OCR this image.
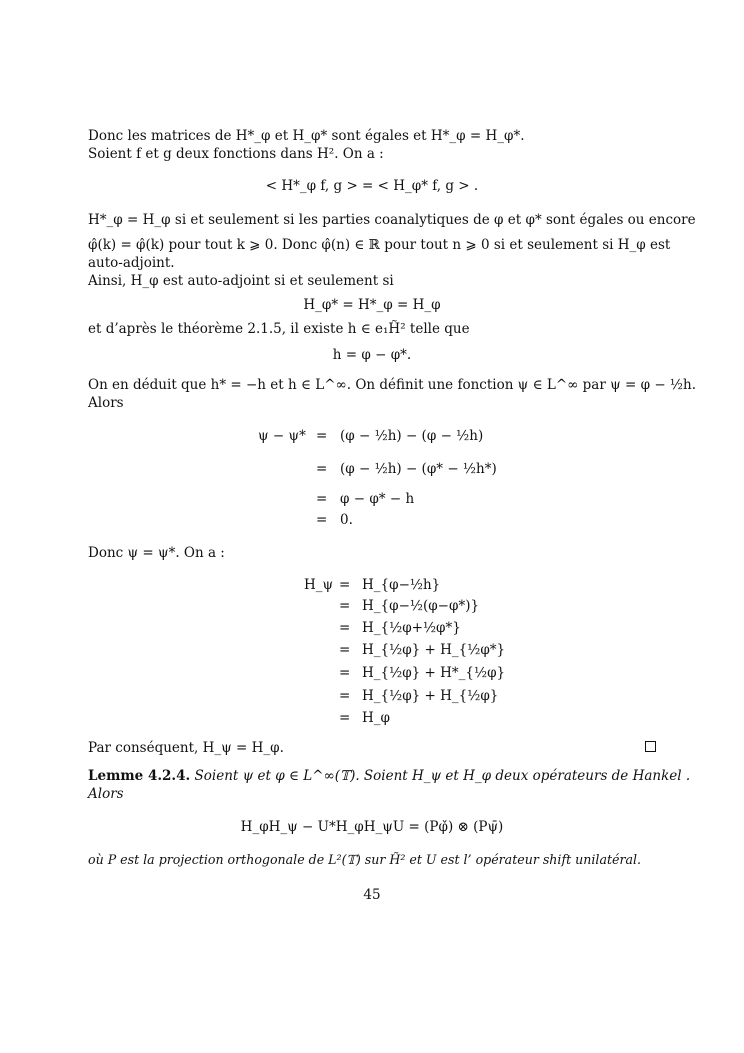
Donc les matrices de H*_φ et H_φ* sont égales et H*_φ = H_φ*.
Soient f et g deux fonctions dans H². On a :
< H*_φ f, g > = < H_φ* f, g > .
H*_φ = H_φ si et seulement si les parties coanalytiques de φ et φ* sont égales ou encore
φ̂(k) = φ̂(k) pour tout k ⩾ 0. Donc φ̂(n) ∈ ℝ pour tout n ⩾ 0 si et seulement si H_φ est
auto-adjoint.
Ainsi, H_φ est auto-adjoint si et seulement si
H_φ* = H*_φ = H_φ
et d’après le théorème 2.1.5, il existe h ∈ e₁H̃² telle que
h = φ − φ*.
On en déduit que h* = −h et h ∈ L^∞. On définit une fonction ψ ∈ L^∞ par ψ = φ − ½h.
Alors
ψ − ψ* = (φ − ½h) − (φ − ½h)
= (φ − ½h) − (φ* − ½h*)
= φ − φ* − h
= 0.
Donc ψ = ψ*. On a :
H_ψ = H_{φ−½h}
= H_{φ−½(φ−φ*)}
= H_{½φ+½φ*}
= H_{½φ} + H_{½φ*}
= H_{½φ} + H*_{½φ}
= H_{½φ} + H_{½φ}
= H_φ
Par conséquent, H_ψ = H_φ.
Lemme 4.2.4. Soient ψ et φ ∈ L^∞(𝕋). Soient H_ψ et H_φ deux opérateurs de Hankel .
Alors
H_φH_ψ − U*H_φH_ψU = (Pφ̌) ⊗ (Pψ̄)
où P est la projection orthogonale de L²(𝕋) sur H̃² et U est l’ opérateur shift unilatéral.
45
